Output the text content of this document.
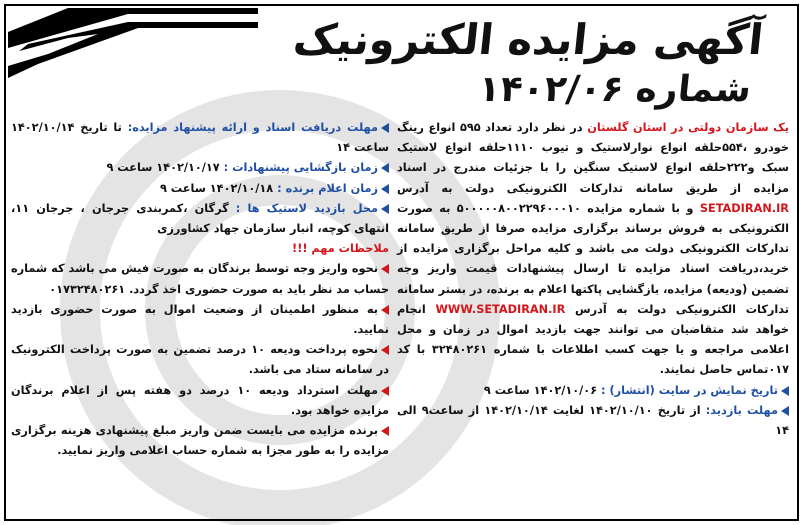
آگهی مزایده الکترونیک
شماره ۱۴۰۲/۰۶

یک سازمان دولتی در استان گلستان در نظر دارد تعداد ۵۹۵ انواع رینگ خودرو ،۵۵۴حلقه انواع نوارلاستیک و تیوب ۱۱۱۰حلقه انواع لاستیک سبک و۲۲۲حلقه انواع لاستیک سنگین را با جزئیات مندرج در اسناد مزایده از طریق سامانه تدارکات الکترونیکی دولت به آدرس SETADIRAN.IR و با شماره مزایده ۵۰۰۰۰۰۸۰۰۲۲۹۶۰۰۰۱۰ به صورت الکترونیکی به فروش برساند برگزاری مزایده صرفا از طریق سامانه تدارکات الکترونیکی دولت می باشد و کلیه مراحل برگزاری مزایده از خرید،دریافت اسناد مزایده تا ارسال پیشنهادات قیمت واریز وجه تضمین (ودیعه) مزایده، بازگشایی پاکتها اعلام به برنده، در بستر سامانه تدارکات الکترونیکی دولت به آدرس WWW.SETADIRAN.IR انجام خواهد شد متقاضیان می توانند جهت بازدید اموال در زمان و محل اعلامی مراجعه و یا جهت کسب اطلاعات با شماره ۳۲۴۸۰۲۶۱ با کد ۰۱۷تماس حاصل نمایند.

تاریخ نمایش در سایت (انتشار) : ۱۴۰۲/۱۰/۰۶ ساعت ۹

مهلت بازدید: از تاریخ ۱۴۰۲/۱۰/۱۰ لغایت ۱۴۰۲/۱۰/۱۴ از ساعت۹ الی ۱۴

مهلت دریافت اسناد و ارائه پیشنهاد مزایده: تا تاریخ ۱۴۰۲/۱۰/۱۴ ساعت ۱۴

زمان بازگشایی پیشنهادات : ۱۴۰۲/۱۰/۱۷ ساعت ۹

زمان اعلام برنده : ۱۴۰۲/۱۰/۱۸ ساعت ۹

محل بازدید لاستیک ها : گرگان ،کمربندی جرجان ، جرجان ۱۱، انتهای کوچه، انبار سازمان جهاد کشاورزی

ملاحظات مهم !!!

نحوه واریز وجه توسط برندگان به صورت فیش می باشد که شماره حساب مد نظر باید به صورت حضوری اخذ گردد. ۰۱۷۳۲۴۸۰۲۶۱

به منظور اطمینان از وضعیت اموال به صورت حضوری بازدید نمایید.

نحوه پرداخت ودیعه ۱۰ درصد تضمین به صورت پرداخت الکترونیک در سامانه ستاد می باشد.

مهلت استرداد ودیعه ۱۰ درصد دو هفته پس از اعلام برندگان مزایده خواهد بود.

برنده مزایده می بایست ضمن واریز مبلغ پیشنهادی هزینه برگزاری مزایده را به طور مجزا به شماره حساب اعلامی واریز نمایید.
